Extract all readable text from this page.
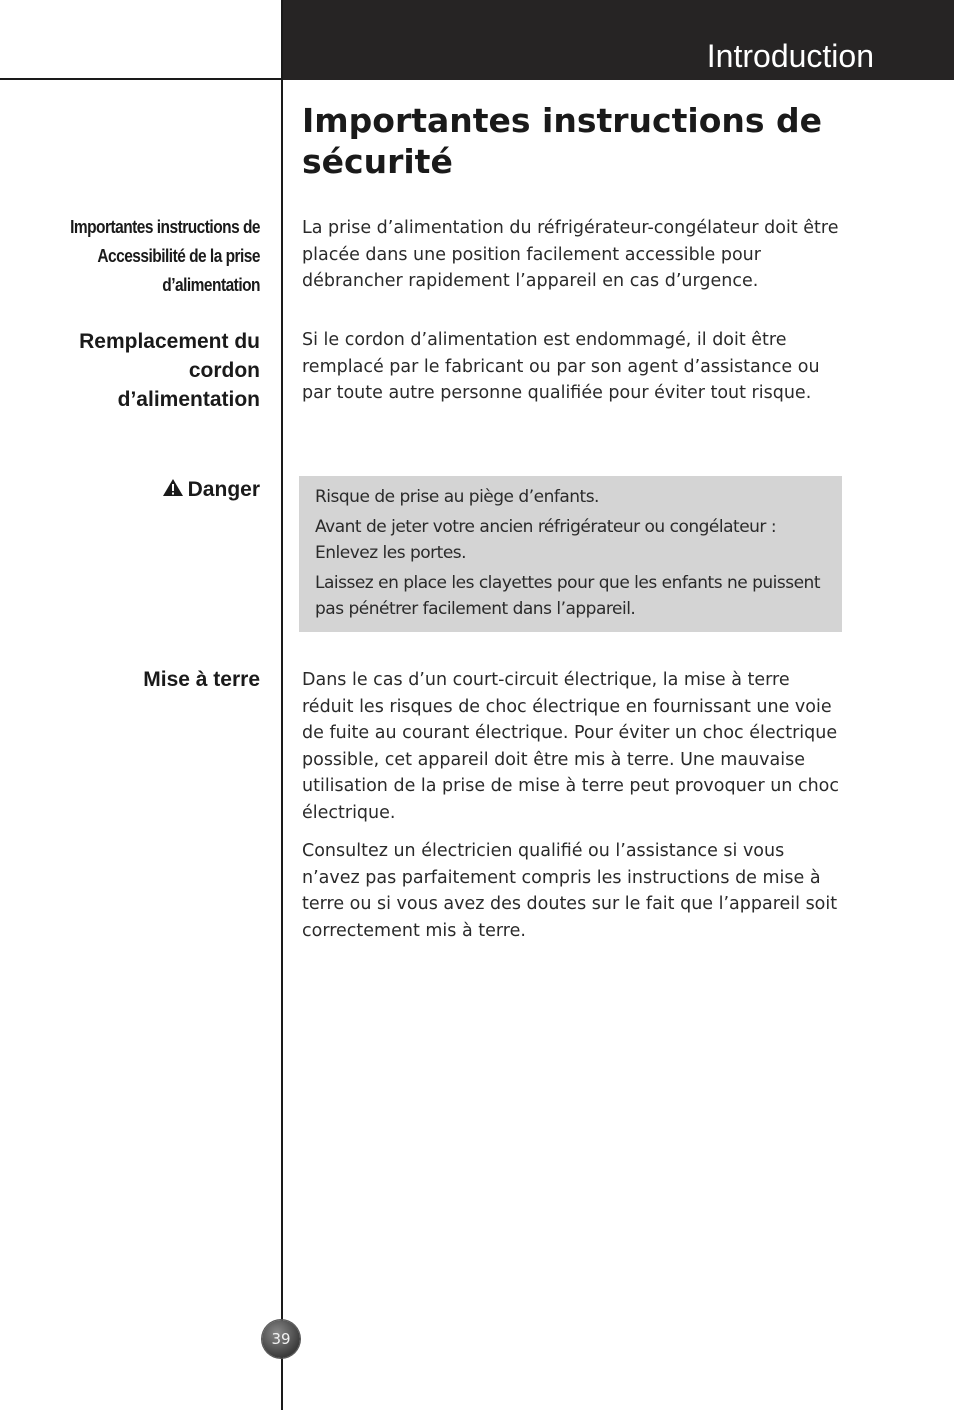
Introduction
Importantes instructions de sécurité
Importantes instructions de
Accessibilité de la prise
d’alimentation
Remplacement du
cordon
d’alimentation
Danger
Mise à terre

La prise d’alimentation du réfrigérateur-congélateur doit être placée dans une position facilement accessible pour débrancher rapidement l’appareil en cas d’urgence.

Si le cordon d’alimentation est endommagé, il doit être remplacé par le fabricant ou par son agent d’assistance ou par toute autre personne qualifiée pour éviter tout risque.

Risque de prise au piège d’enfants.

Avant de jeter votre ancien réfrigérateur ou congélateur : Enlevez les portes.

Laissez en place les clayettes pour que les enfants ne puissent pas pénétrer facilement dans l’appareil.

Dans le cas d’un court-circuit électrique, la mise à terre réduit les risques de choc électrique en fournissant une voie de fuite au courant électrique. Pour éviter un choc électrique possible, cet appareil doit être mis à terre. Une mauvaise utilisation de la prise de mise à terre peut provoquer un choc électrique.

Consultez un électricien qualifié ou l’assistance si vous n’avez pas parfaitement compris les instructions de mise à terre ou si vous avez des doutes sur le fait que l’appareil soit correctement mis à terre.

39
